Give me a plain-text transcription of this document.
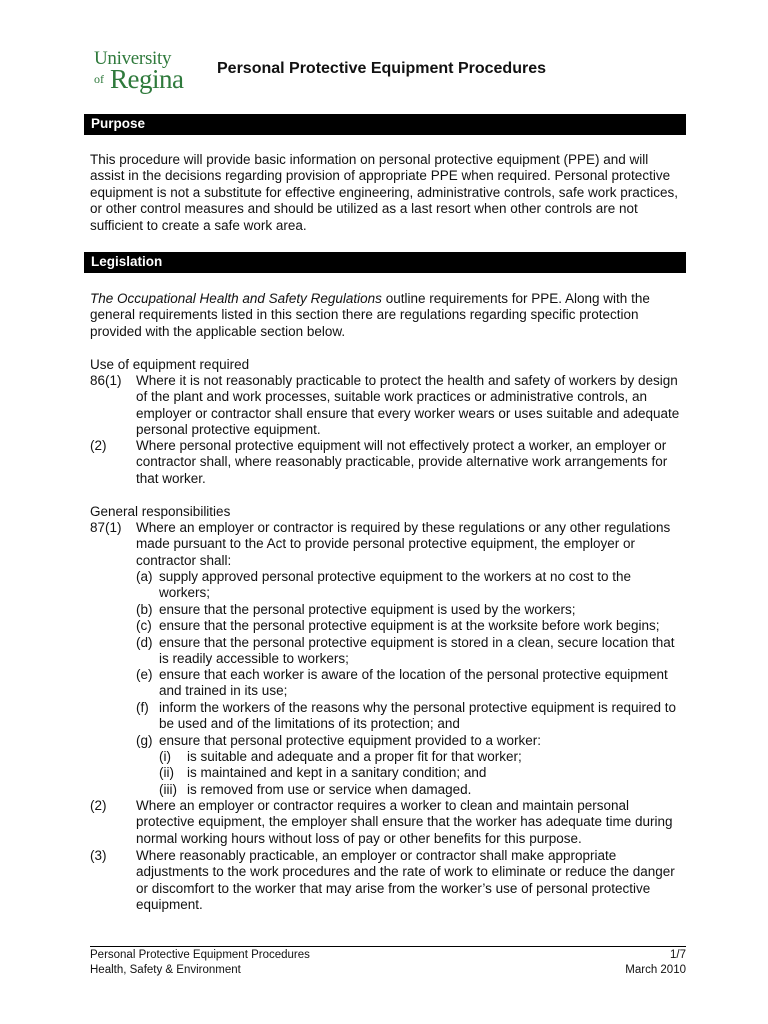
University
of Regina Personal Protective Equipment Procedures
Purpose
This procedure will provide basic information on personal protective equipment (PPE) and will assist in the decisions regarding provision of appropriate PPE when required. Personal protective equipment is not a substitute for effective engineering, administrative controls, safe work practices, or other control measures and should be utilized as a last resort when other controls are not sufficient to create a safe work area.
Legislation
The Occupational Health and Safety Regulations outline requirements for PPE. Along with the general requirements listed in this section there are regulations regarding specific protection provided with the applicable section below.
Use of equipment required
86(1) Where it is not reasonably practicable to protect the health and safety of workers by design of the plant and work processes, suitable work practices or administrative controls, an employer or contractor shall ensure that every worker wears or uses suitable and adequate personal protective equipment.
(2) Where personal protective equipment will not effectively protect a worker, an employer or contractor shall, where reasonably practicable, provide alternative work arrangements for that worker.
General responsibilities
87(1) Where an employer or contractor is required by these regulations or any other regulations made pursuant to the Act to provide personal protective equipment, the employer or contractor shall:
(a) supply approved personal protective equipment to the workers at no cost to the workers;
(b) ensure that the personal protective equipment is used by the workers;
(c) ensure that the personal protective equipment is at the worksite before work begins;
(d) ensure that the personal protective equipment is stored in a clean, secure location that is readily accessible to workers;
(e) ensure that each worker is aware of the location of the personal protective equipment and trained in its use;
(f) inform the workers of the reasons why the personal protective equipment is required to be used and of the limitations of its protection; and
(g) ensure that personal protective equipment provided to a worker:
(i) is suitable and adequate and a proper fit for that worker;
(ii) is maintained and kept in a sanitary condition; and
(iii) is removed from use or service when damaged.
(2) Where an employer or contractor requires a worker to clean and maintain personal protective equipment, the employer shall ensure that the worker has adequate time during normal working hours without loss of pay or other benefits for this purpose.
(3) Where reasonably practicable, an employer or contractor shall make appropriate adjustments to the work procedures and the rate of work to eliminate or reduce the danger or discomfort to the worker that may arise from the worker’s use of personal protective equipment.
Personal Protective Equipment Procedures
Health, Safety & Environment
1/7
March 2010
